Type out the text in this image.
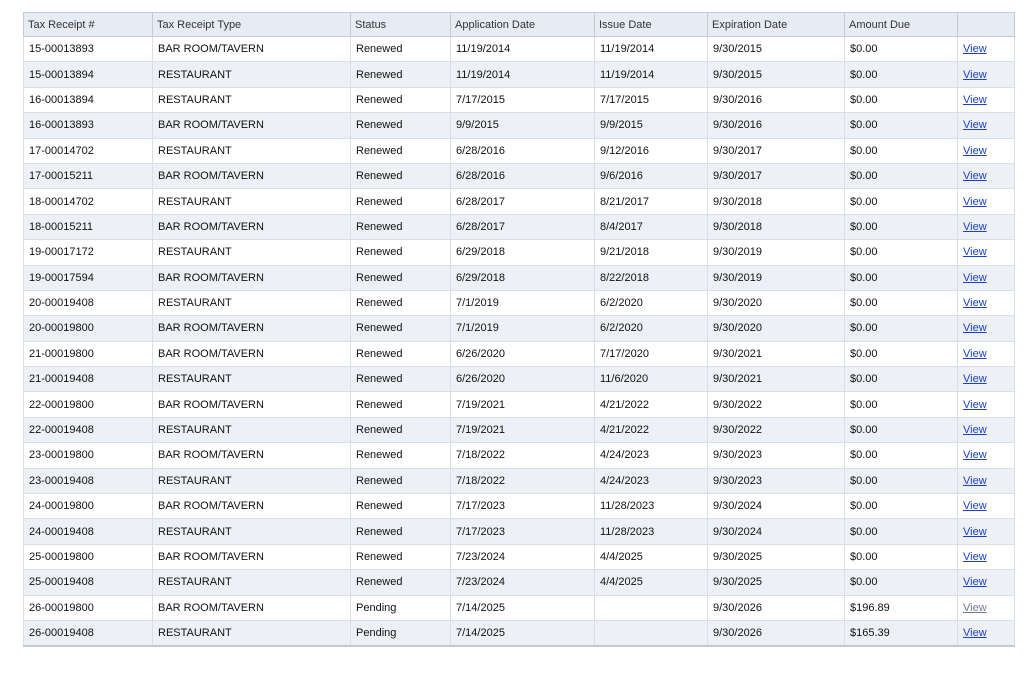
Tax Receipt #	Tax Receipt Type	Status	Application Date	Issue Date	Expiration Date	Amount Due	
15-00013893	BAR ROOM/TAVERN	Renewed	11/19/2014	11/19/2014	9/30/2015	$0.00	View
15-00013894	RESTAURANT	Renewed	11/19/2014	11/19/2014	9/30/2015	$0.00	View
16-00013894	RESTAURANT	Renewed	7/17/2015	7/17/2015	9/30/2016	$0.00	View
16-00013893	BAR ROOM/TAVERN	Renewed	9/9/2015	9/9/2015	9/30/2016	$0.00	View
17-00014702	RESTAURANT	Renewed	6/28/2016	9/12/2016	9/30/2017	$0.00	View
17-00015211	BAR ROOM/TAVERN	Renewed	6/28/2016	9/6/2016	9/30/2017	$0.00	View
18-00014702	RESTAURANT	Renewed	6/28/2017	8/21/2017	9/30/2018	$0.00	View
18-00015211	BAR ROOM/TAVERN	Renewed	6/28/2017	8/4/2017	9/30/2018	$0.00	View
19-00017172	RESTAURANT	Renewed	6/29/2018	9/21/2018	9/30/2019	$0.00	View
19-00017594	BAR ROOM/TAVERN	Renewed	6/29/2018	8/22/2018	9/30/2019	$0.00	View
20-00019408	RESTAURANT	Renewed	7/1/2019	6/2/2020	9/30/2020	$0.00	View
20-00019800	BAR ROOM/TAVERN	Renewed	7/1/2019	6/2/2020	9/30/2020	$0.00	View
21-00019800	BAR ROOM/TAVERN	Renewed	6/26/2020	7/17/2020	9/30/2021	$0.00	View
21-00019408	RESTAURANT	Renewed	6/26/2020	11/6/2020	9/30/2021	$0.00	View
22-00019800	BAR ROOM/TAVERN	Renewed	7/19/2021	4/21/2022	9/30/2022	$0.00	View
22-00019408	RESTAURANT	Renewed	7/19/2021	4/21/2022	9/30/2022	$0.00	View
23-00019800	BAR ROOM/TAVERN	Renewed	7/18/2022	4/24/2023	9/30/2023	$0.00	View
23-00019408	RESTAURANT	Renewed	7/18/2022	4/24/2023	9/30/2023	$0.00	View
24-00019800	BAR ROOM/TAVERN	Renewed	7/17/2023	11/28/2023	9/30/2024	$0.00	View
24-00019408	RESTAURANT	Renewed	7/17/2023	11/28/2023	9/30/2024	$0.00	View
25-00019800	BAR ROOM/TAVERN	Renewed	7/23/2024	4/4/2025	9/30/2025	$0.00	View
25-00019408	RESTAURANT	Renewed	7/23/2024	4/4/2025	9/30/2025	$0.00	View
26-00019800	BAR ROOM/TAVERN	Pending	7/14/2025		9/30/2026	$196.89	View
26-00019408	RESTAURANT	Pending	7/14/2025		9/30/2026	$165.39	View
